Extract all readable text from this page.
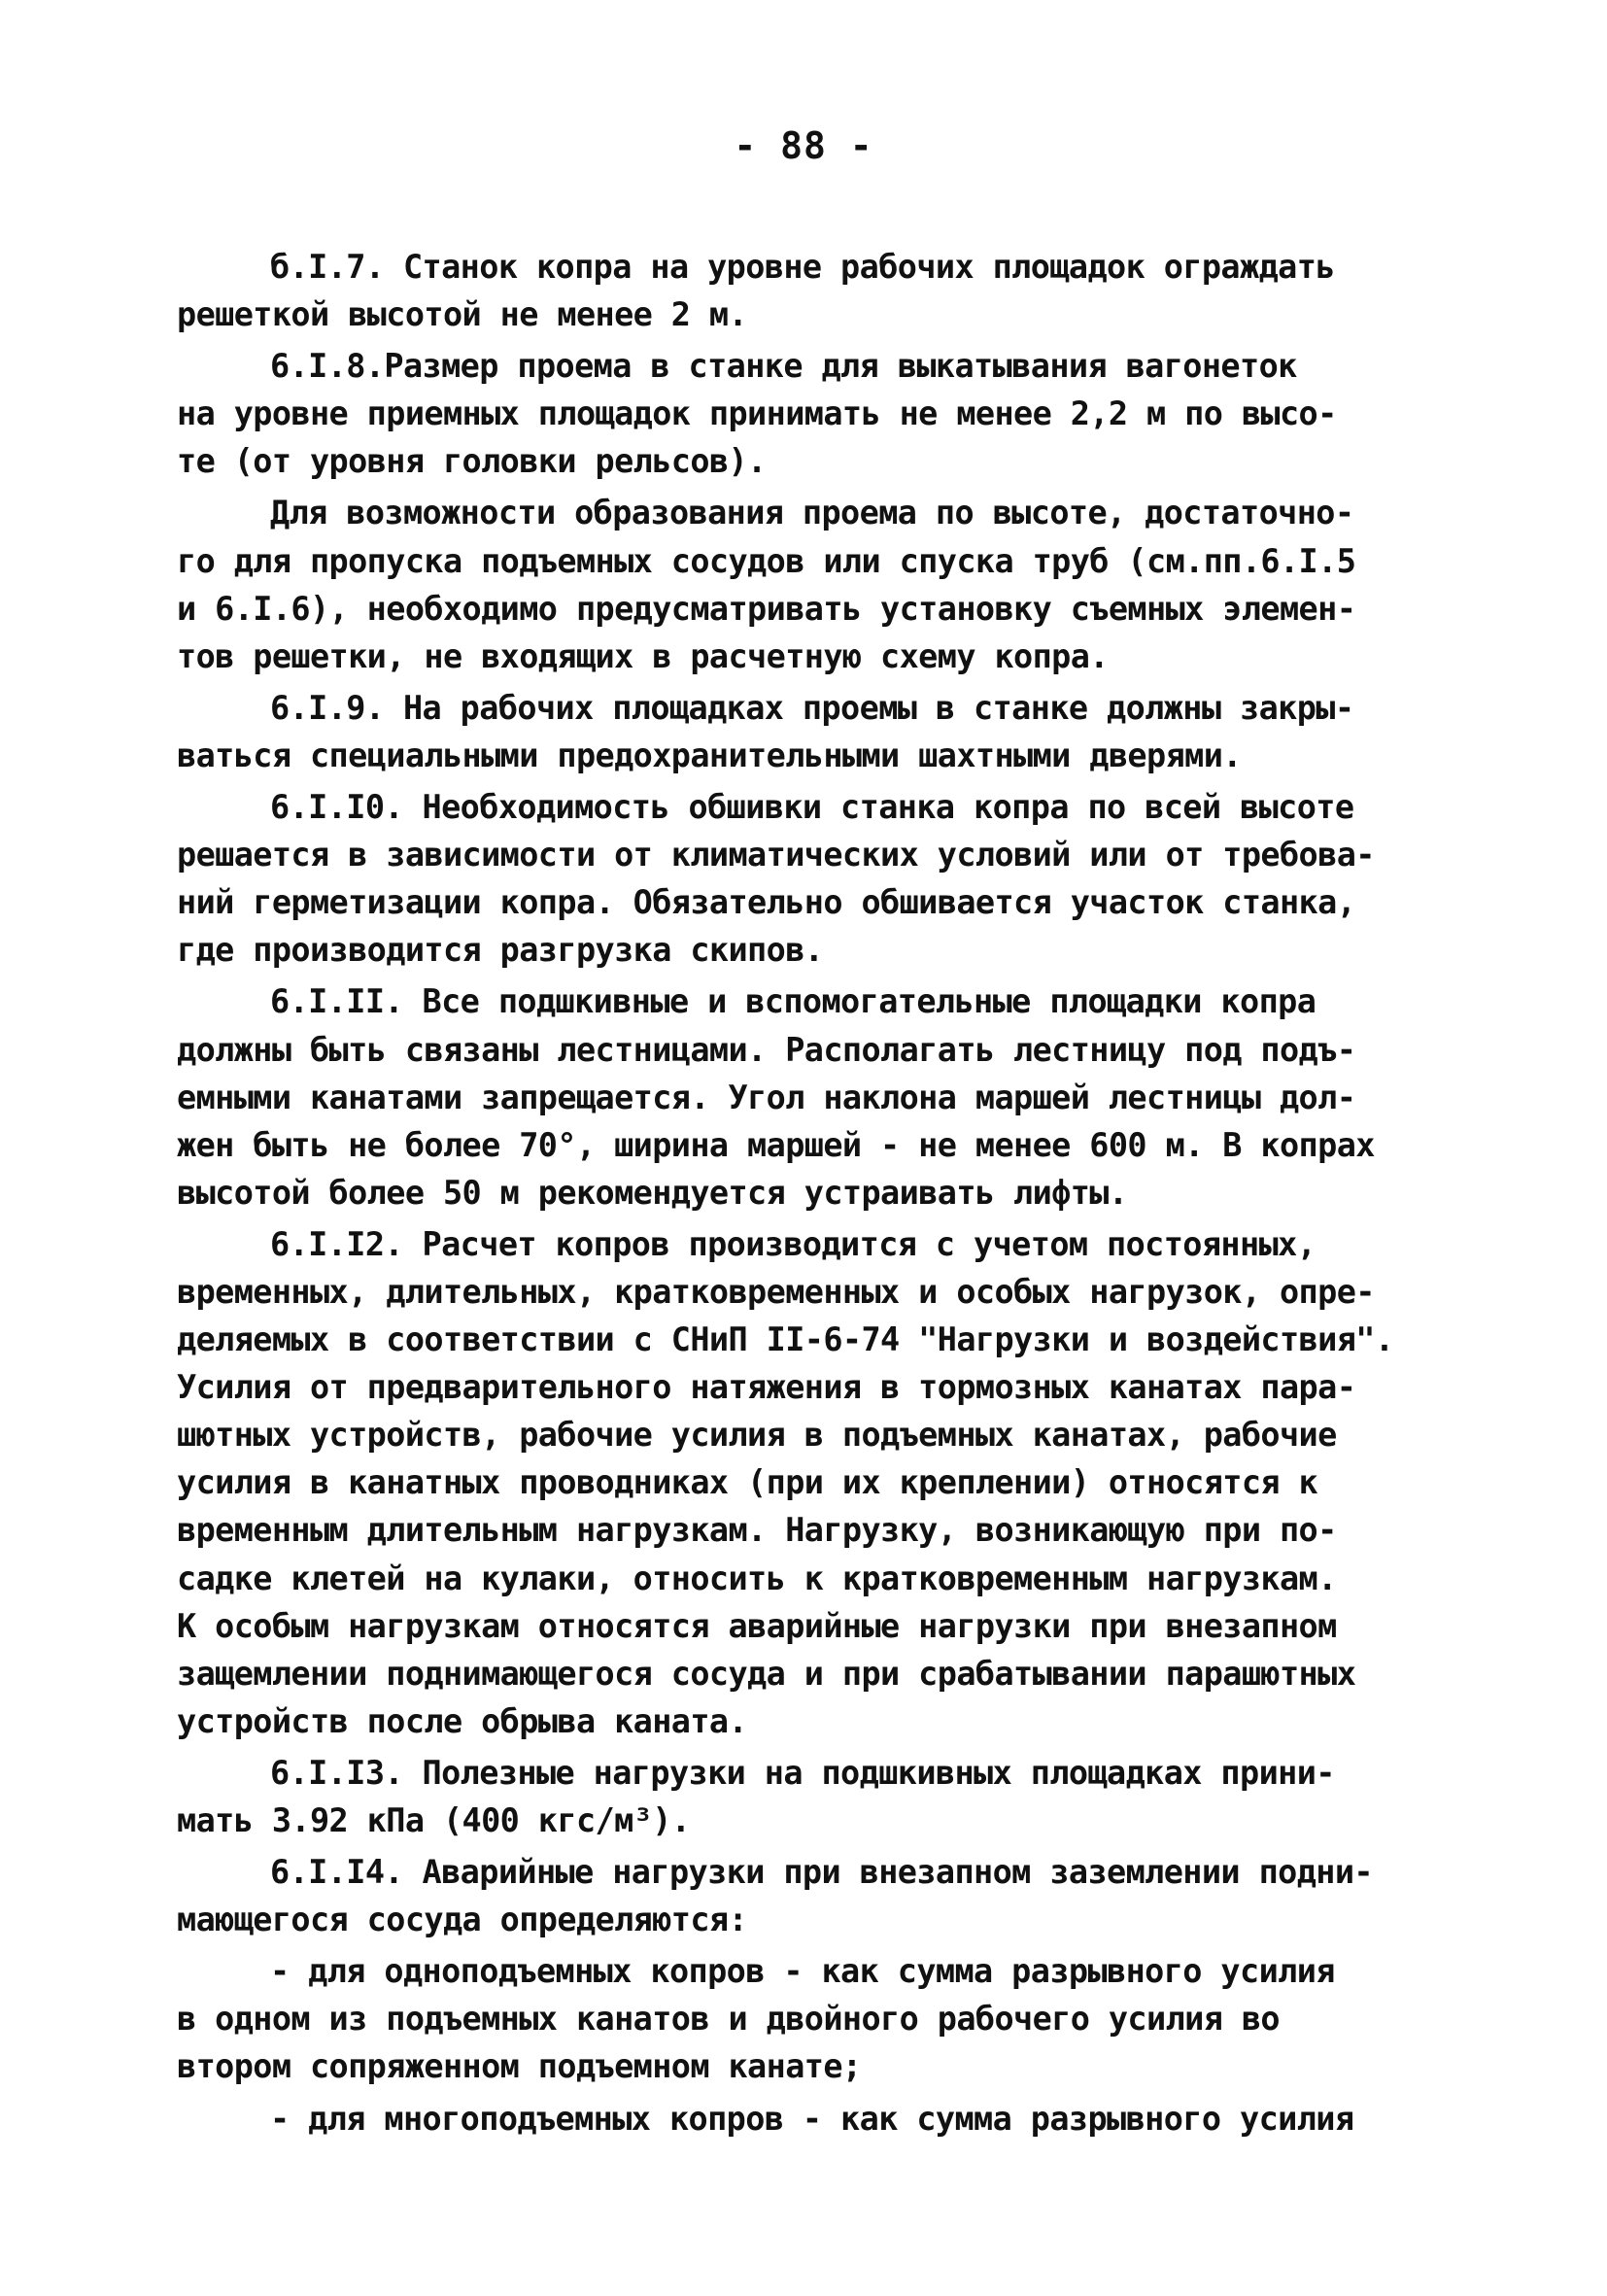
- 88 -

б.I.7. Станок копра на уровне рабочих площадок ограждать
решеткой высотой не менее 2 м.

6.I.8.Размер проема в станке для выкатывания вагонеток
на уровне приемных площадок принимать не менее 2,2 м по высо-
те (от уровня головки рельсов).

Для возможности образования проема по высоте, достаточно-
го для пропуска подъемных сосудов или спуска труб (см.пп.6.I.5
и 6.I.6), необходимо предусматривать установку съемных элемен-
тов решетки, не входящих в расчетную схему копра.

6.I.9. На рабочих площадках проемы в станке должны закры-
ваться специальными предохранительными шахтными дверями.

6.I.I0. Необходимость обшивки станка копра по всей высоте
решается в зависимости от климатических условий или от требова-
ний герметизации копра. Обязательно обшивается участок станка,
где производится разгрузка скипов.

6.I.II. Все подшкивные и вспомогательные площадки копра
должны быть связаны лестницами. Располагать лестницу под подъ-
емными канатами запрещается. Угол наклона маршей лестницы дол-
жен быть не более 70°, ширина маршей - не менее 600 м. В копрах
высотой более 50 м рекомендуется устраивать лифты.

6.I.I2. Расчет копров производится с учетом постоянных,
временных, длительных, кратковременных и особых нагрузок, опре-
деляемых в соответствии с СНиП II-6-74 "Нагрузки и воздействия".
Усилия от предварительного натяжения в тормозных канатах пара-
шютных устройств, рабочие усилия в подъемных канатах, рабочие
усилия в канатных проводниках (при их креплении) относятся к
временным длительным нагрузкам. Нагрузку, возникающую при по-
садке клетей на кулаки, относить к кратковременным нагрузкам.
К особым нагрузкам относятся аварийные нагрузки при внезапном
защемлении поднимающегося сосуда и при срабатывании парашютных
устройств после обрыва каната.

6.I.I3. Полезные нагрузки на подшкивных площадках прини-
мать 3.92 кПа (400 кгс/м³).

6.I.I4. Аварийные нагрузки при внезапном заземлении подни-
мающегося сосуда определяются:

- для одноподъемных копров - как сумма разрывного усилия
в одном из подъемных канатов и двойного рабочего усилия во
втором сопряженном подъемном канате;

- для многоподъемных копров - как сумма разрывного усилия
